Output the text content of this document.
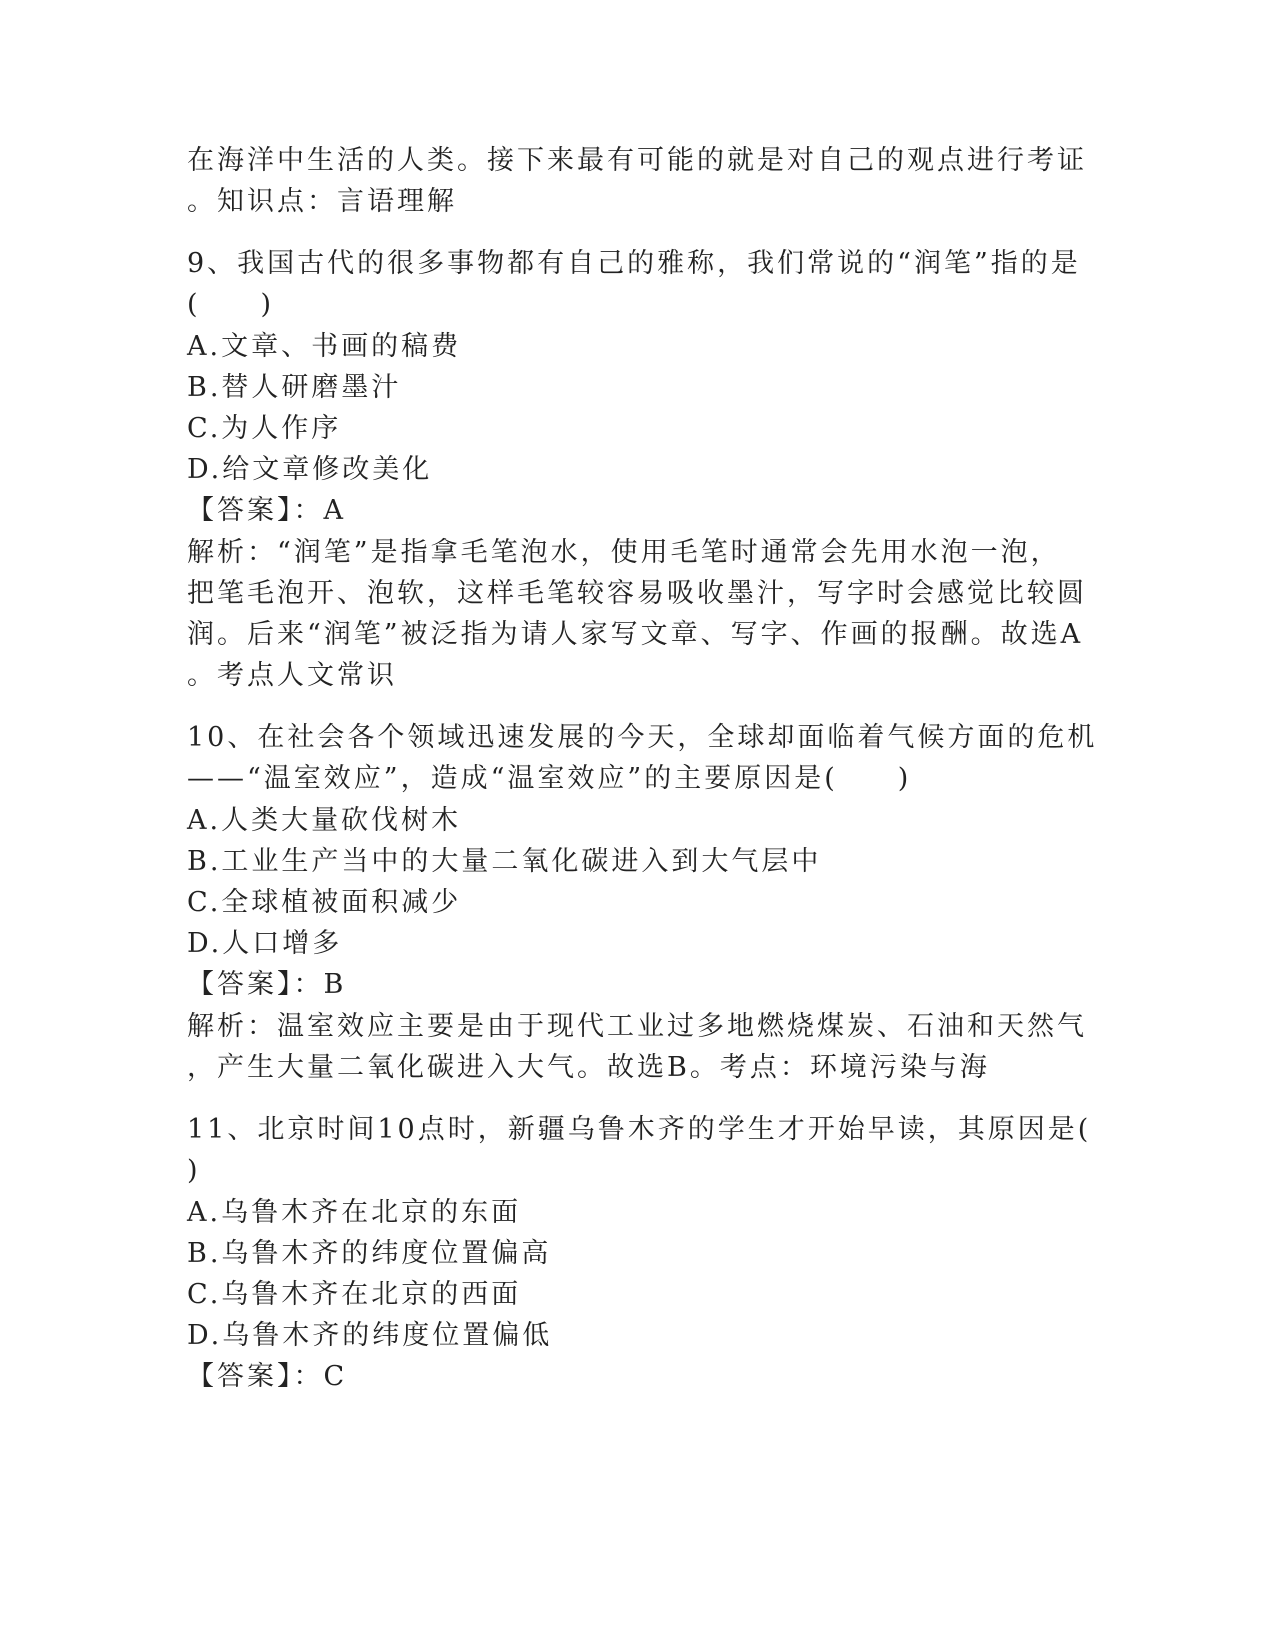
在海洋中生活的人类。接下来最有可能的就是对自己的观点进行考证
。知识点：言语理解
9、我国古代的很多事物都有自己的雅称，我们常说的“润笔”指的是
(　　)
A.文章、书画的稿费
B.替人研磨墨汁
C.为人作序
D.给文章修改美化
【答案】：A
解析：“润笔”是指拿毛笔泡水，使用毛笔时通常会先用水泡一泡，
把笔毛泡开、泡软，这样毛笔较容易吸收墨汁，写字时会感觉比较圆
润。后来“润笔”被泛指为请人家写文章、写字、作画的报酬。故选A
。考点人文常识
10、在社会各个领域迅速发展的今天，全球却面临着气候方面的危机
——“温室效应”，造成“温室效应”的主要原因是(　　)
A.人类大量砍伐树木
B.工业生产当中的大量二氧化碳进入到大气层中
C.全球植被面积减少
D.人口增多
【答案】：B
解析：温室效应主要是由于现代工业过多地燃烧煤炭、石油和天然气
，产生大量二氧化碳进入大气。故选B。考点：环境污染与海
11、北京时间10点时，新疆乌鲁木齐的学生才开始早读，其原因是(
)
A.乌鲁木齐在北京的东面
B.乌鲁木齐的纬度位置偏高
C.乌鲁木齐在北京的西面
D.乌鲁木齐的纬度位置偏低
【答案】：C
